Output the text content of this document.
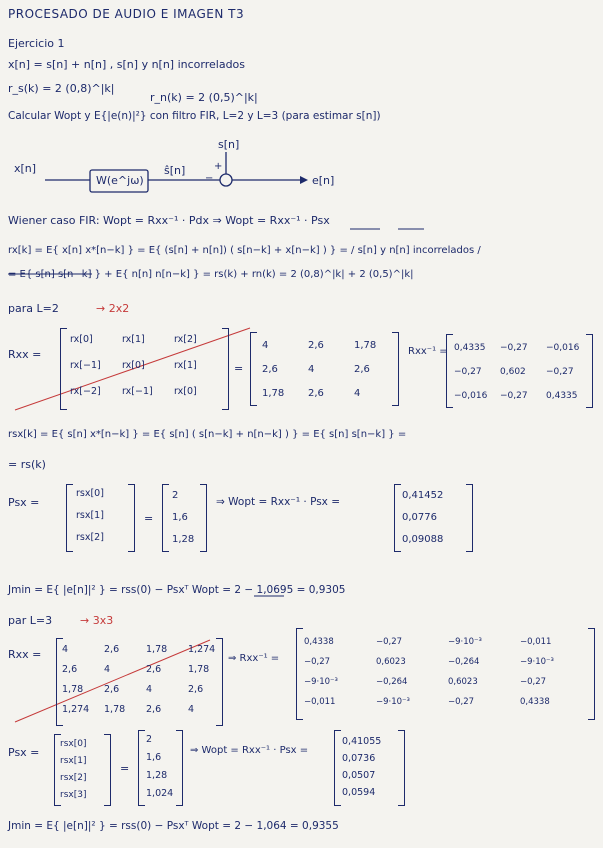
PROCESADO DE AUDIO E IMAGEN T3
Ejercicio 1
x[n] = s[n] + n[n] , s[n] y n[n] incorrelados
r_s(k) = 2 (0,8)^|k|
r_n(k) = 2 (0,5)^|k|
Calcular Wopt y E{|e(n)|²} con filtro FIR, L=2 y L=3 (para estimar s[n])
x[n]
W(e^jω)
ŝ[n]
s[n]
+
−	e[n]
Wiener caso FIR: Wopt = Rxx⁻¹ · Pdx ⇒ Wopt = Rxx⁻¹ · Psx
rx[k] = E{ x[n] x*[n−k] } = E{ (s[n] + n[n]) ( s[n−k] + x[n−k] ) } = / s[n] y n[n] incorrelados /
= E{ s[n] s[n−k] } + E{ n[n] n[n−k] } = rs(k) + rn(k) = 2 (0,8)^|k| + 2 (0,5)^|k|
para L=2	→ 2x2
Rxx =
rx[0]	rx[1]	rx[2]
rx[−1] rx[0]	rx[1]
rx[−2] rx[−1] rx[0]
=
4	2,6	1,78
2,6	4	2,6
1,78 2,6	4
Rxx⁻¹ = 0,4335 −0,27 −0,016
−0,27 0,602 −0,27
−0,016 −0,27 0,4335
rsx[k] = E{ s[n] x*[n−k] } = E{ s[n] ( s[n−k] + n[n−k] ) } = E{ s[n] s[n−k] } =
= rs(k)
Psx =
rsx[0]
rsx[1]
rsx[2]
=
2
1,6
1,28
⇒ Wopt = Rxx⁻¹ · Psx =
0,41452
0,0776
0,09088
Jmin = E{ |e[n]|² } = rss(0) − Psxᵀ Wopt = 2 − 1,0695 = 0,9305
par L=3	→ 3x3
Rxx = 4	2,6	1,78 1,274
2,6	4	2,6	1,78
1,78 2,6	4	2,6
1,274 1,78 2,6	4
⇒ Rxx⁻¹ =
0,4338	−0,27	−9·10⁻³	−0,011
−0,27	0,6023	−0,264	−9·10⁻³
−9·10⁻³	−0,264	0,6023	−0,27
−0,011	−9·10⁻³	−0,27	0,4338
Psx =
rsx[0]
rsx[1]
rsx[2]
rsx[3]
=
2
1,6
1,28
1,024
⇒ Wopt = Rxx⁻¹ · Psx =
0,41055
0,0736
0,0507
0,0594
Jmin = E{ |e[n]|² } = rss(0) − Psxᵀ Wopt = 2 − 1,064 = 0,9355
